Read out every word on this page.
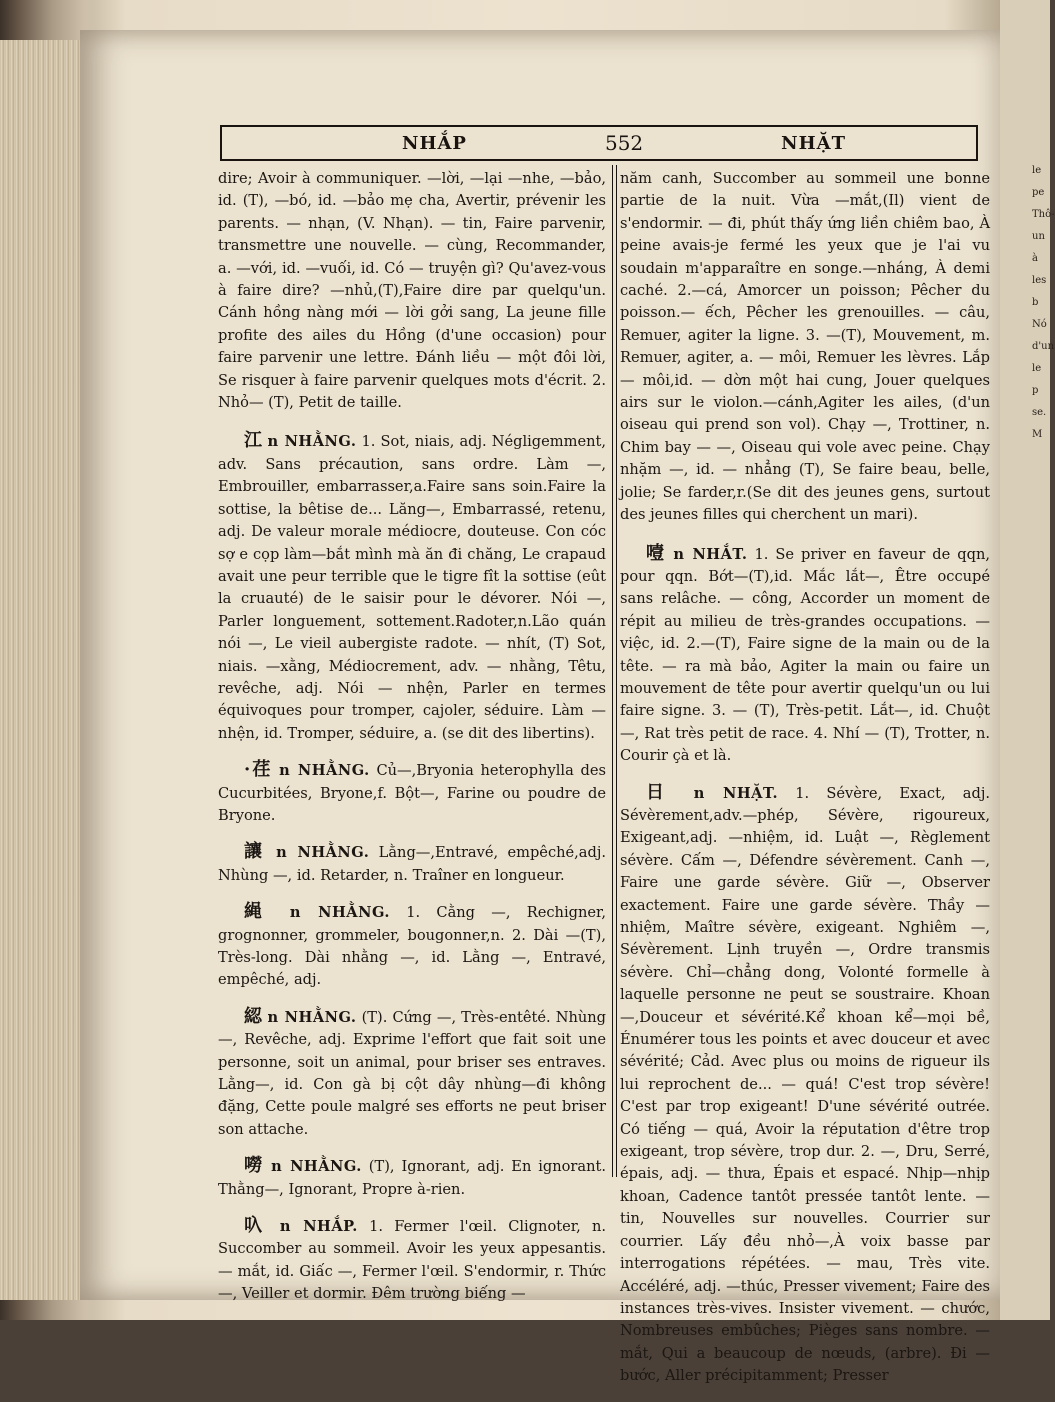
NHẮP	552	NHẶT

dire; Avoir à communiquer. —lời, —lại —nhe, —bảo, id. (T), —bó, id. —bảo mẹ cha, Avertir, prévenir les parents. — nhạn, (V. Nhạn). — tin, Faire parvenir, transmettre une nouvelle. — cùng, Recommander, a. —với, id. —vuối, id. Có — truyện gì? Qu'avez-vous à faire dire? —nhủ,(T),Faire dire par quelqu'un. Cánh hồng nàng mới — lời gởi sang, La jeune fille profite des ailes du Hồng (d'une occasion) pour faire parvenir une lettre. Đánh liều — một đôi lời, Se risquer à faire parvenir quelques mots d'écrit. 2. Nhỏ— (T), Petit de taille.

江 n NHẰNG. 1. Sot, niais, adj. Négligemment, adv. Sans précaution, sans ordre. Làm —, Embrouiller, embarrasser,a.Faire sans soin.Faire la sottise, la bêtise de... Lăng—, Embarrassé, retenu, adj. De valeur morale médiocre, douteuse. Con cóc sợ e cọp làm—bắt mình mà ăn đi chăng, Le crapaud avait une peur terrible que le tigre fît la sottise (eût la cruauté) de le saisir pour le dévorer. Nói —, Parler longuement, sottement.Radoter,n.Lão quán nói —, Le vieil aubergiste radote. — nhít, (T) Sot, niais. —xằng, Médiocrement, adv. — nhằng, Têtu, revêche, adj. Nói — nhện, Parler en termes équivoques pour tromper, cajoler, séduire. Làm — nhện, id. Tromper, séduire, a. (se dit des libertins).

·荏 n NHẰNG. Củ—,Bryonia heterophylla des Cucurbitées, Bryone,f. Bột—, Farine ou poudre de Bryone.

讓 n NHẰNG. Lằng—,Entravé, empêché,adj. Nhùng —, id. Retarder, n. Traîner en longueur.

䋲 n NHẰNG. 1. Cằng —, Rechigner, grognonner, grommeler, bougonner,n. 2. Dài —(T), Très-long. Dài nhằng —, id. Lằng —, Entravé, empêché, adj.

綛 n NHẰNG. (T). Cứng —, Très-entêté. Nhùng —, Revêche, adj. Exprime l'effort que fait soit une personne, soit un animal, pour briser ses entraves. Lằng—, id. Con gà bị cột dây nhùng—đi không đặng, Cette poule malgré ses efforts ne peut briser son attache.

嘮 n NHẰNG. (T), Ignorant, adj. En ignorant. Thằng—, Ignorant, Propre à-rien.

叺 n NHẮP. 1. Fermer l'œil. Clignoter, n. Succomber au sommeil. Avoir les yeux appesantis. — mắt, id. Giấc —, Fermer l'œil. S'endormir, r. Thức—, Veiller et dormir. Đêm trường biếng —

năm canh, Succomber au sommeil une bonne partie de la nuit. Vừa —mắt,(Il) vient de s'endormir. — đi, phút thấy ứng liền chiêm bao, À peine avais-je fermé les yeux que je l'ai vu soudain m'apparaître en songe.—nháng, À demi caché. 2.—cá, Amorcer un poisson; Pêcher du poisson.— ếch, Pêcher les grenouilles. — câu, Remuer, agiter la ligne. 3. —(T), Mouvement, m. Remuer, agiter, a. — môi, Remuer les lèvres. Lắp — môi,id. — dờn một hai cung, Jouer quelques airs sur le violon.—cánh,Agiter les ailes, (d'un oiseau qui prend son vol). Chạy —, Trottiner, n. Chim bay — —, Oiseau qui vole avec peine. Chạy nhặm —, id. — nhẳng (T), Se faire beau, belle, jolie; Se farder,r.(Se dit des jeunes gens, surtout des jeunes filles qui cherchent un mari).

噎 n NHẮT. 1. Se priver en faveur de qqn, pour qqn. Bớt—(T),id. Mắc lắt—, Être occupé sans relâche. — công, Accorder un moment de répit au milieu de très-grandes occupations. —việc, id. 2.—(T), Faire signe de la main ou de la tête. — ra mà bảo, Agiter la main ou faire un mouvement de tête pour avertir quelqu'un ou lui faire signe. 3. — (T), Très-petit. Lắt—, id. Chuột —, Rat très petit de race. 4. Nhí — (T), Trotter, n. Courir çà et là.

日 n NHẶT. 1. Sévère, Exact, adj. Sévèrement,adv.—phép, Sévère, rigoureux, Exigeant,adj. —nhiệm, id. Luật —, Règlement sévère. Cấm —, Défendre sévèrement. Canh —, Faire une garde sévère. Giữ —, Observer exactement. Faire une garde sévère. Thầy — nhiệm, Maître sévère, exigeant. Nghiêm —, Sévèrement. Lịnh truyền —, Ordre transmis sévère. Chỉ—chẳng dong, Volonté formelle à laquelle personne ne peut se soustraire. Khoan—,Douceur et sévérité.Kể khoan kể—mọi bề, Énumérer tous les points et avec douceur et avec sévérité; Cảd. Avec plus ou moins de rigueur ils lui reprochent de... — quá! C'est trop sévère! C'est par trop exigeant! D'une sévérité outrée. Có tiếng — quá, Avoir la réputation d'être trop exigeant, trop sévère, trop dur. 2. —, Dru, Serré, épais, adj. — thưa, Épais et espacé. Nhịp—nhịp khoan, Cadence tantôt pressée tantôt lente. — tin, Nouvelles sur nouvelles. Courrier sur courrier. Lấy đều nhỏ—,À voix basse par interrogations répétées. — mau, Très vite. Accéléré, adj. —thúc, Presser vivement; Faire des instances très-vives. Insister vivement. — chước, Nombreuses embûches; Pièges sans nombre. —mắt, Qui a beaucoup de nœuds, (arbre). Đi — bước, Aller précipitamment; Presser

le pe
Thô-
un à
les b
Nó
d'un
le p
se.
M
